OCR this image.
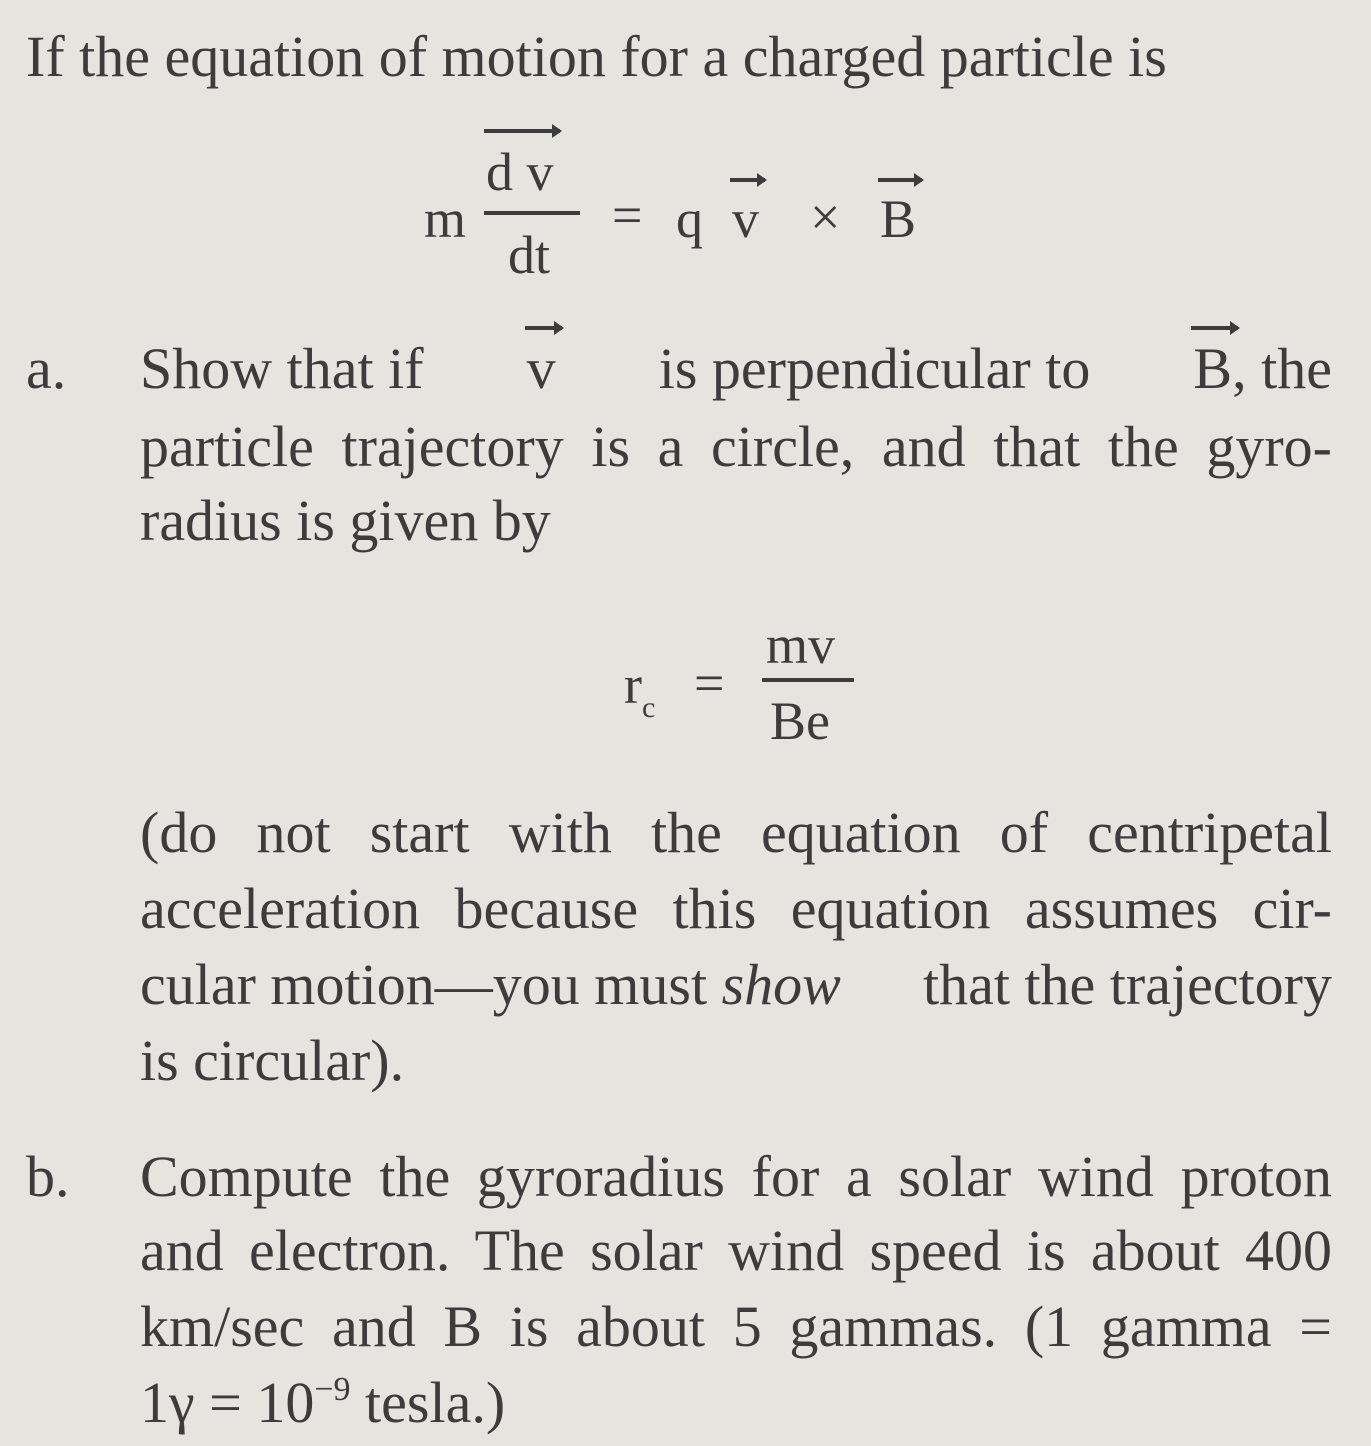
If the equation of motion for a charged particle is
m
d v
dt
= q v × B
a. Show that if v is perpendicular to B, the
particle trajectory is a circle, and that the gyro-
radius is given by
$r_c$ =
mv
Be
(do not start with the equation of centripetal
acceleration because this equation assumes cir-
cular motion—you must show that the trajectory
is circular).
b. Compute the gyroradius for a solar wind proton
and electron. The solar wind speed is about 400
km/sec and B is about 5 gammas. (1 gamma =
$1\gamma = 10^{-9}$ tesla.)
